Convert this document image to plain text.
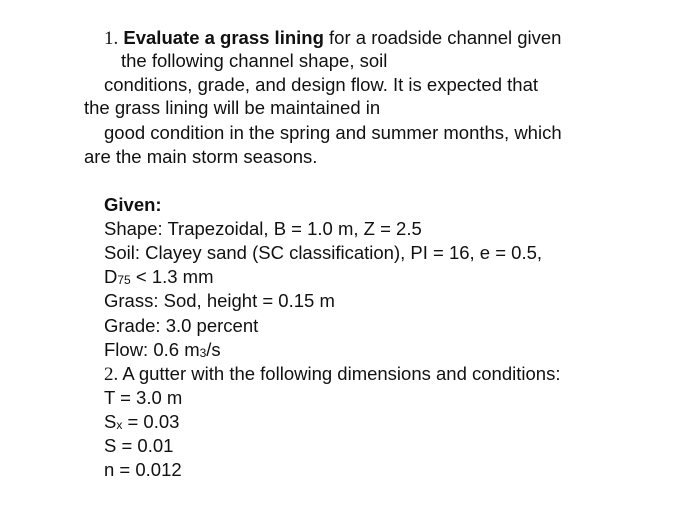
1. Evaluate a grass lining for a roadside channel given
the following channel shape, soil
conditions, grade, and design flow. It is expected that
the grass lining will be maintained in
good condition in the spring and summer months, which
are the main storm seasons.
Given:
Shape: Trapezoidal, B = 1.0 m, Z = 2.5
Soil: Clayey sand (SC classification), PI = 16, e = 0.5,
D75 < 1.3 mm
Grass: Sod, height = 0.15 m
Grade: 3.0 percent
Flow: 0.6 m3/s
2. A gutter with the following dimensions and conditions:
T = 3.0 m
Sx = 0.03
S = 0.01
n = 0.012
